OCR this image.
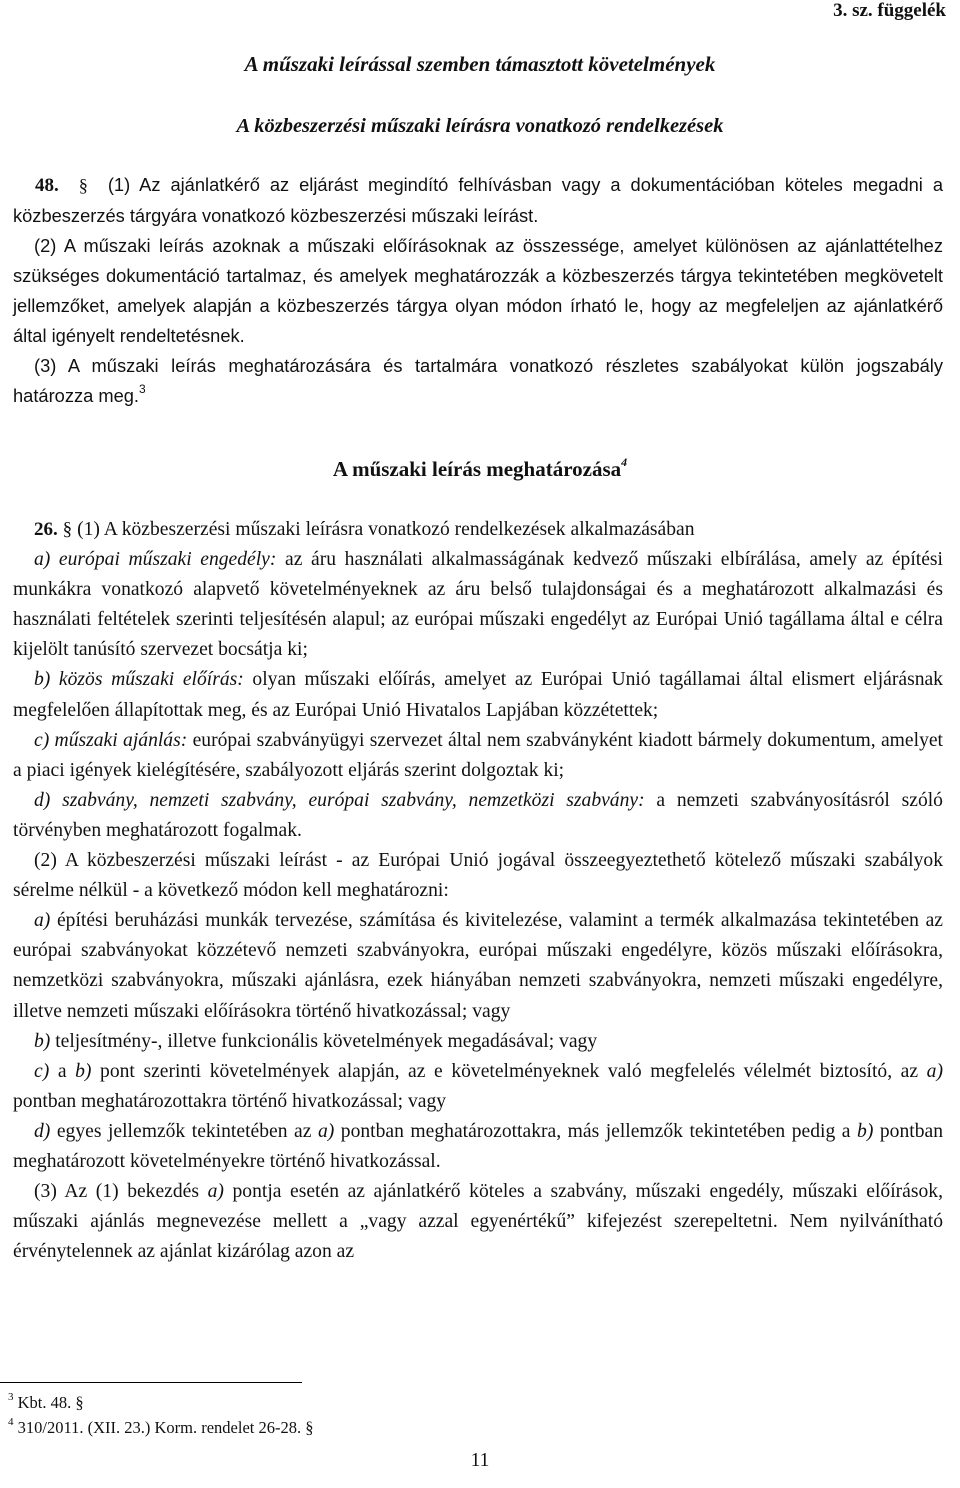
3. sz. függelék
A műszaki leírással szemben támasztott követelmények
A közbeszerzési műszaki leírásra vonatkozó rendelkezések

48. § (1) Az ajánlatkérő az eljárást megindító felhívásban vagy a dokumentációban köteles megadni a közbeszerzés tárgyára vonatkozó közbeszerzési műszaki leírást.

(2) A műszaki leírás azoknak a műszaki előírásoknak az összessége, amelyet különösen az ajánlattételhez szükséges dokumentáció tartalmaz, és amelyek meghatározzák a közbeszerzés tárgya tekintetében megkövetelt jellemzőket, amelyek alapján a közbeszerzés tárgya olyan módon írható le, hogy az megfeleljen az ajánlatkérő által igényelt rendeltetésnek.

(3) A műszaki leírás meghatározására és tartalmára vonatkozó részletes szabályokat külön jogszabály határozza meg.$^3$

A műszaki leírás meghatározása$^4$

26. § (1) A közbeszerzési műszaki leírásra vonatkozó rendelkezések alkalmazásában

a) európai műszaki engedély: az áru használati alkalmasságának kedvező műszaki elbírálása, amely az építési munkákra vonatkozó alapvető követelményeknek az áru belső tulajdonságai és a meghatározott alkalmazási és használati feltételek szerinti teljesítésén alapul; az európai műszaki engedélyt az Európai Unió tagállama által e célra kijelölt tanúsító szervezet bocsátja ki;

b) közös műszaki előírás: olyan műszaki előírás, amelyet az Európai Unió tagállamai által elismert eljárásnak megfelelően állapítottak meg, és az Európai Unió Hivatalos Lapjában közzétettek;

c) műszaki ajánlás: európai szabványügyi szervezet által nem szabványként kiadott bármely dokumentum, amelyet a piaci igények kielégítésére, szabályozott eljárás szerint dolgoztak ki;

d) szabvány, nemzeti szabvány, európai szabvány, nemzetközi szabvány: a nemzeti szabványosításról szóló törvényben meghatározott fogalmak.

(2) A közbeszerzési műszaki leírást - az Európai Unió jogával összeegyeztethető kötelező műszaki szabályok sérelme nélkül - a következő módon kell meghatározni:

a) építési beruházási munkák tervezése, számítása és kivitelezése, valamint a termék alkalmazása tekintetében az európai szabványokat közzétevő nemzeti szabványokra, európai műszaki engedélyre, közös műszaki előírásokra, nemzetközi szabványokra, műszaki ajánlásra, ezek hiányában nemzeti szabványokra, nemzeti műszaki engedélyre, illetve nemzeti műszaki előírásokra történő hivatkozással; vagy

b) teljesítmény-, illetve funkcionális követelmények megadásával; vagy

c) a b) pont szerinti követelmények alapján, az e követelményeknek való megfelelés vélelmét biztosító, az a) pontban meghatározottakra történő hivatkozással; vagy

d) egyes jellemzők tekintetében az a) pontban meghatározottakra, más jellemzők tekintetében pedig a b) pontban meghatározott követelményekre történő hivatkozással.

(3) Az (1) bekezdés a) pontja esetén az ajánlatkérő köteles a szabvány, műszaki engedély, műszaki előírások, műszaki ajánlás megnevezése mellett a „vagy azzal egyenértékű” kifejezést szerepeltetni. Nem nyilvánítható érvénytelennek az ajánlat kizárólag azon az

$^3$ Kbt. 48. §
$^4$ 310/2011. (XII. 23.) Korm. rendelet 26-28. §
11
